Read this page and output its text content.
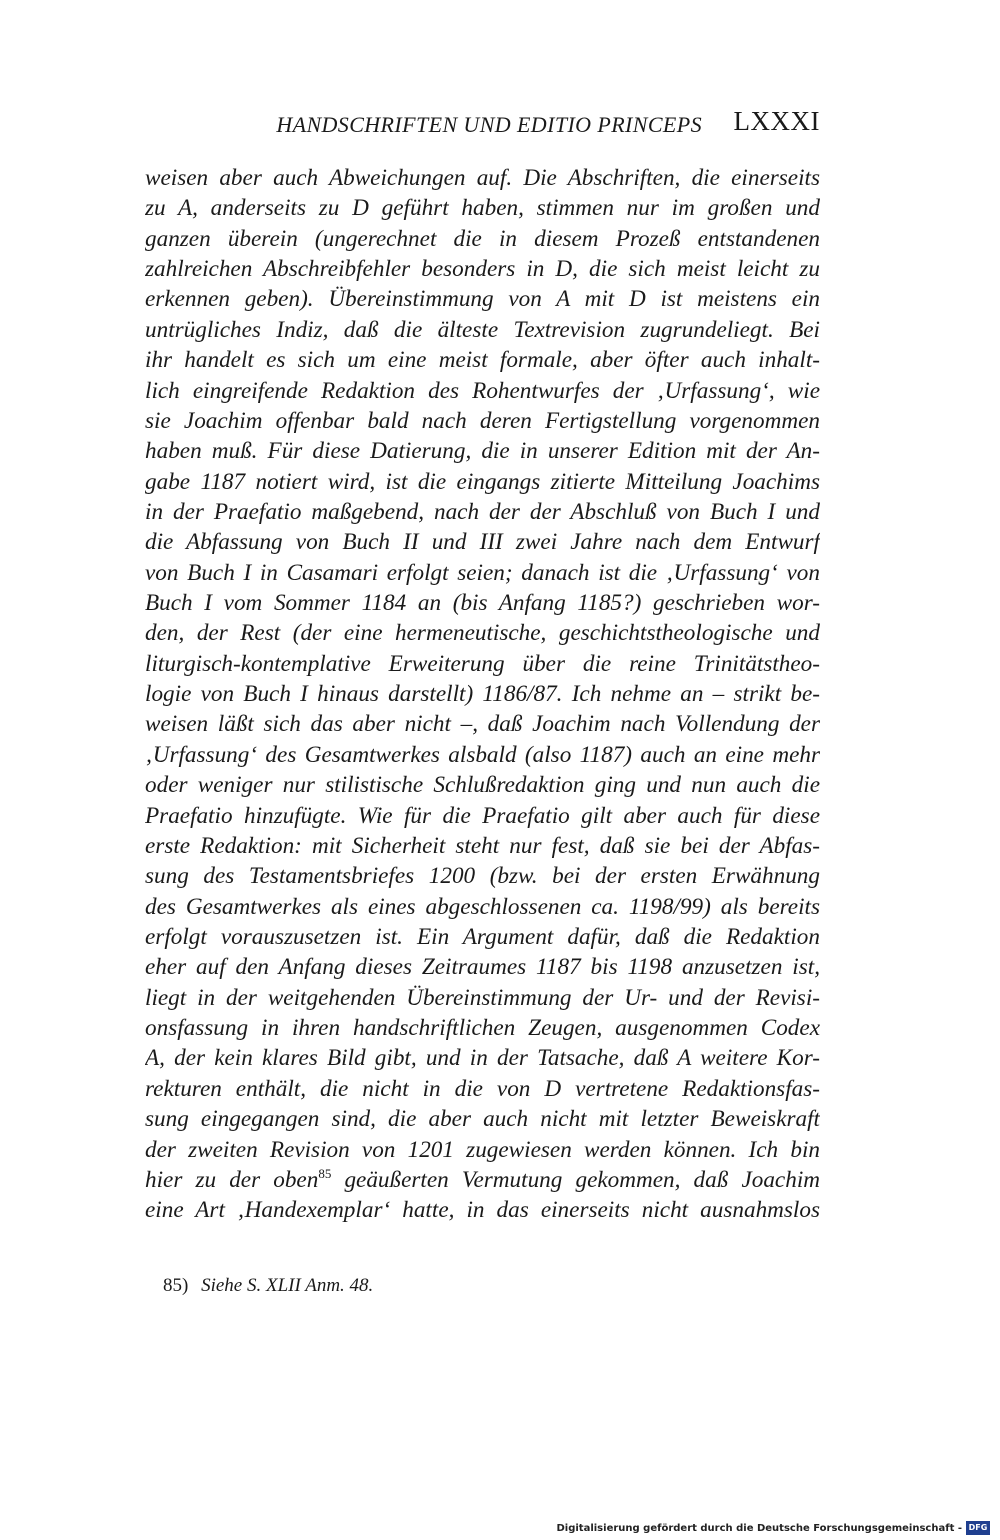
HANDSCHRIFTEN UND EDITIO PRINCEPS LXXXI
weisen aber auch Abweichungen auf. Die Abschriften, die einerseits
zu A, anderseits zu D geführt haben, stimmen nur im großen und
ganzen überein (ungerechnet die in diesem Prozeß entstandenen
zahlreichen Abschreibfehler besonders in D, die sich meist leicht zu
erkennen geben). Übereinstimmung von A mit D ist meistens ein
untrügliches Indiz, daß die älteste Textrevision zugrundeliegt. Bei
ihr handelt es sich um eine meist formale, aber öfter auch inhalt-
lich eingreifende Redaktion des Rohentwurfes der ‚Urfassung‘, wie
sie Joachim offenbar bald nach deren Fertigstellung vorgenommen
haben muß. Für diese Datierung, die in unserer Edition mit der An-
gabe 1187 notiert wird, ist die eingangs zitierte Mitteilung Joachims
in der Praefatio maßgebend, nach der der Abschluß von Buch I und
die Abfassung von Buch II und III zwei Jahre nach dem Entwurf
von Buch I in Casamari erfolgt seien; danach ist die ‚Urfassung‘ von
Buch I vom Sommer 1184 an (bis Anfang 1185?) geschrieben wor-
den, der Rest (der eine hermeneutische, geschichtstheologische und
liturgisch-kontemplative Erweiterung über die reine Trinitätstheo-
logie von Buch I hinaus darstellt) 1186/87. Ich nehme an – strikt be-
weisen läßt sich das aber nicht –, daß Joachim nach Vollendung der
‚Urfassung‘ des Gesamtwerkes alsbald (also 1187) auch an eine mehr
oder weniger nur stilistische Schlußredaktion ging und nun auch die
Praefatio hinzufügte. Wie für die Praefatio gilt aber auch für diese
erste Redaktion: mit Sicherheit steht nur fest, daß sie bei der Abfas-
sung des Testamentsbriefes 1200 (bzw. bei der ersten Erwähnung
des Gesamtwerkes als eines abgeschlossenen ca. 1198/99) als bereits
erfolgt vorauszusetzen ist. Ein Argument dafür, daß die Redaktion
eher auf den Anfang dieses Zeitraumes 1187 bis 1198 anzusetzen ist,
liegt in der weitgehenden Übereinstimmung der Ur- und der Revisi-
onsfassung in ihren handschriftlichen Zeugen, ausgenommen Codex
A, der kein klares Bild gibt, und in der Tatsache, daß A weitere Kor-
rekturen enthält, die nicht in die von D vertretene Redaktionsfas-
sung eingegangen sind, die aber auch nicht mit letzter Beweiskraft
der zweiten Revision von 1201 zugewiesen werden können. Ich bin
hier zu der oben$^{85}$ geäußerten Vermutung gekommen, daß Joachim
eine Art ‚Handexemplar‘ hatte, in das einerseits nicht ausnahmslos
85) Siehe S. XLII Anm. 48.
Digitalisierung gefördert durch die Deutsche Forschungsgemeinschaft - DFG
